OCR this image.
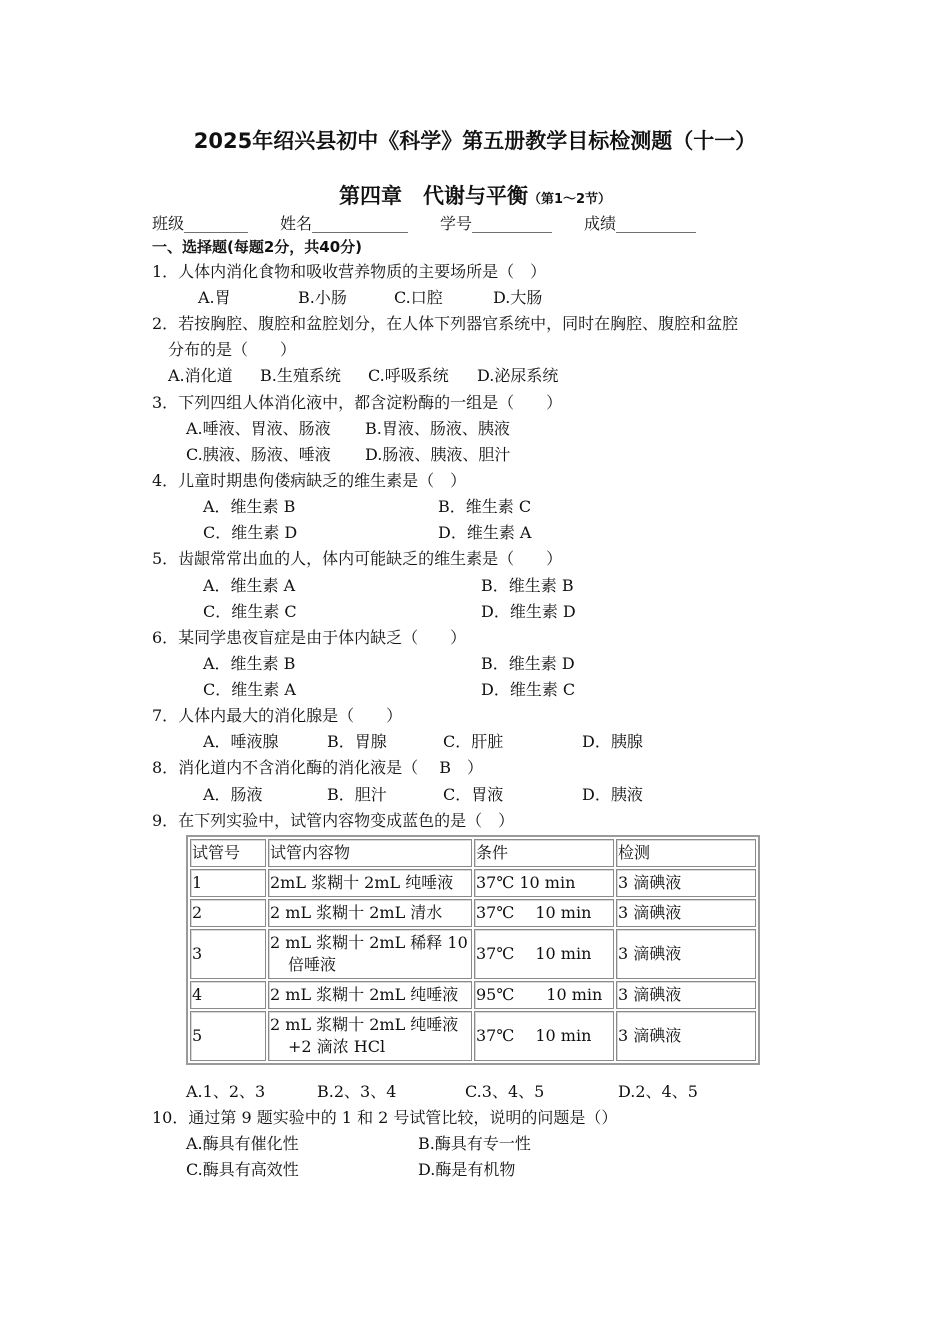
2025年绍兴县初中《科学》第五册教学目标检测题（十一）
第四章　代谢与平衡（第1～2节）
班级________　　姓名____________　　学号__________　　成绩__________
一、选择题(每题2分，共40分)
1．人体内消化食物和吸收营养物质的主要场所是（　）
A.胃	B.小肠	C.口腔	D.大肠
2．若按胸腔、腹腔和盆腔划分，在人体下列器官系统中，同时在胸腔、腹腔和盆腔
分布的是（　　）
A.消化道 B.生殖系统 C.呼吸系统 D.泌尿系统
3．下列四组人体消化液中，都含淀粉酶的一组是（　　）
A.唾液、胃液、肠液 B.胃液、肠液、胰液
C.胰液、肠液、唾液 D.肠液、胰液、胆汁
4．儿童时期患佝偻病缺乏的维生素是（　）
A．维生素 B	B．维生素 C
C．维生素 D	D．维生素 A
5．齿龈常常出血的人，体内可能缺乏的维生素是（　　）
A．维生素 A	B．维生素 B
C．维生素 C	D．维生素 D
6．某同学患夜盲症是由于体内缺乏（　　）
A．维生素 B	B．维生素 D
C．维生素 A	D．维生素 C
7．人体内最大的消化腺是（　　）
A．唾液腺	B．胃腺	C．肝脏	D．胰腺
8．消化道内不含消化酶的消化液是（　 B　）
A．肠液	B．胆汁	C．胃液	D．胰液
9．在下列实验中，试管内容物变成蓝色的是（　）
试管号	试管内容物	条件	检测
1	2mL 浆糊十 2mL 纯唾液	37℃ 10 min	3 滴碘液
2	2 mL 浆糊十 2mL 清水	37℃　 10 min	3 滴碘液
3	2 mL 浆糊十 2mL 稀释 10
倍唾液	37℃　 10 min	3 滴碘液
4	2 mL 浆糊十 2mL 纯唾液	95℃　　10 min	3 滴碘液
5	2 mL 浆糊十 2mL 纯唾液
+2 滴浓 HCl	37℃　 10 min	3 滴碘液
A.1、2、3	B.2、3、4	C.3、4、5	D.2、4、5
10．通过第 9 题实验中的 1 和 2 号试管比较，说明的问题是（）
A.酶具有催化性	B.酶具有专一性
C.酶具有高效性	D.酶是有机物
